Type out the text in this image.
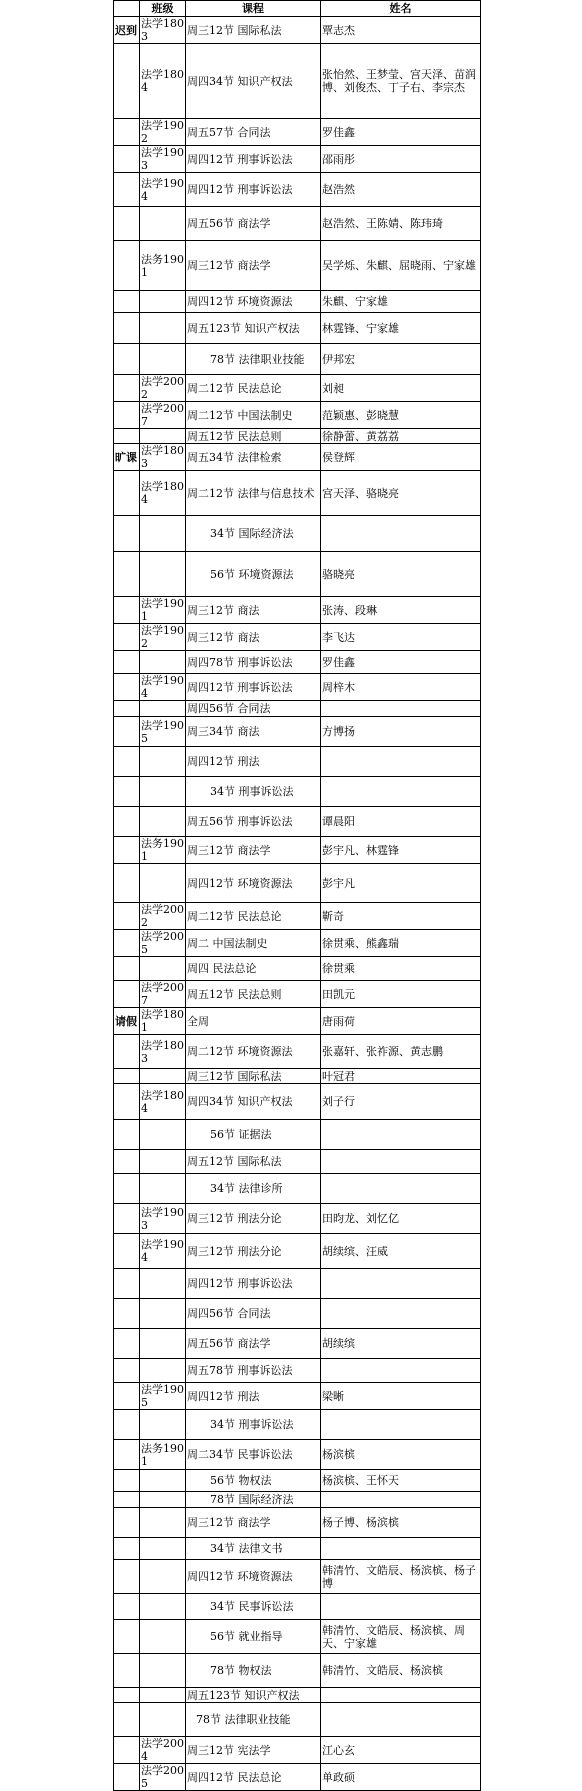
	班级	课程	姓名
迟到	法学1803	周三12节 国际私法	覃志杰
	法学1804	周四34节 知识产权法	张怡然、王梦莹、宫天泽、苗润博、刘俊杰、丁子右、李宗杰
	法学1902	周五57节 合同法	罗佳鑫
	法学1903	周四12节 刑事诉讼法	邵雨彤
	法学1904	周四12节 刑事诉讼法	赵浩然
		周五56节 商法学	赵浩然、王陈婧、陈玮琦
	法务1901	周三12节 商法学	吴学烁、朱麒、屈晓雨、宁家雄
		周四12节 环境资源法	朱麒、宁家雄
		周五123节 知识产权法	林霆锋、宁家雄
		78节 法律职业技能	伊邦宏
	法学2002	周二12节 民法总论	刘昶
	法学2007	周二12节 中国法制史	范颖惠、彭晓慧
		周五12节 民法总则	徐静蕾、黄荔荔
旷课	法学1803	周五34节 法律检索	侯登辉
	法学1804	周二12节 法律与信息技术	宫天泽、骆晓亮
		34节 国际经济法	
		56节 环境资源法	骆晓亮
	法学1901	周三12节 商法	张涛、段琳
	法学1902	周三12节 商法	李飞达
		周四78节 刑事诉讼法	罗佳鑫
	法学1904	周四12节 刑事诉讼法	周梓木
		周四56节 合同法	
	法学1905	周三34节 商法	方博扬
		周四12节 刑法	
		34节 刑事诉讼法	
		周五56节 刑事诉讼法	谭晨阳
	法务1901	周三12节 商法学	彭宇凡、林霆锋
		周四12节 环境资源法	彭宇凡
	法学2002	周二12节 民法总论	靳奇
	法学2005	周二 中国法制史	徐贯乘、熊鑫瑞
		周四 民法总论	徐贯乘
	法学2007	周五12节 民法总则	田凯元
请假	法学1801	全周	唐雨荷
	法学1803	周二12节 环境资源法	张嘉轩、张祚源、黄志鹏
		周三12节 国际私法	叶冠君
	法学1804	周四34节 知识产权法	刘子行
		56节 证据法	
		周五12节 国际私法	
		34节 法律诊所	
	法学1903	周三12节 刑法分论	田昀龙、刘忆亿
	法学1904	周三12节 刑法分论	胡续缤、汪威
		周四12节 刑事诉讼法	
		周四56节 合同法	
		周五56节 商法学	胡续缤
		周五78节 刑事诉讼法	
	法学1905	周四12节 刑法	梁晰
		34节 刑事诉讼法	
	法务1901	周二34节 民事诉讼法	杨滨槟
		56节 物权法	杨滨槟、王怀天
		78节 国际经济法	
		周三12节 商法学	杨子博、杨滨槟
		34节 法律文书	
		周四12节 环境资源法	韩清竹、文皓辰、杨滨槟、杨子博
		34节 民事诉讼法	
		56节 就业指导	韩清竹、文皓辰、杨滨槟、周天、宁家雄
		78节 物权法	韩清竹、文皓辰、杨滨槟
		周五123节 知识产权法	
		78节 法律职业技能	
	法学2004	周三12节 宪法学	江心玄
	法学2005	周四12节 民法总论	单政硕
